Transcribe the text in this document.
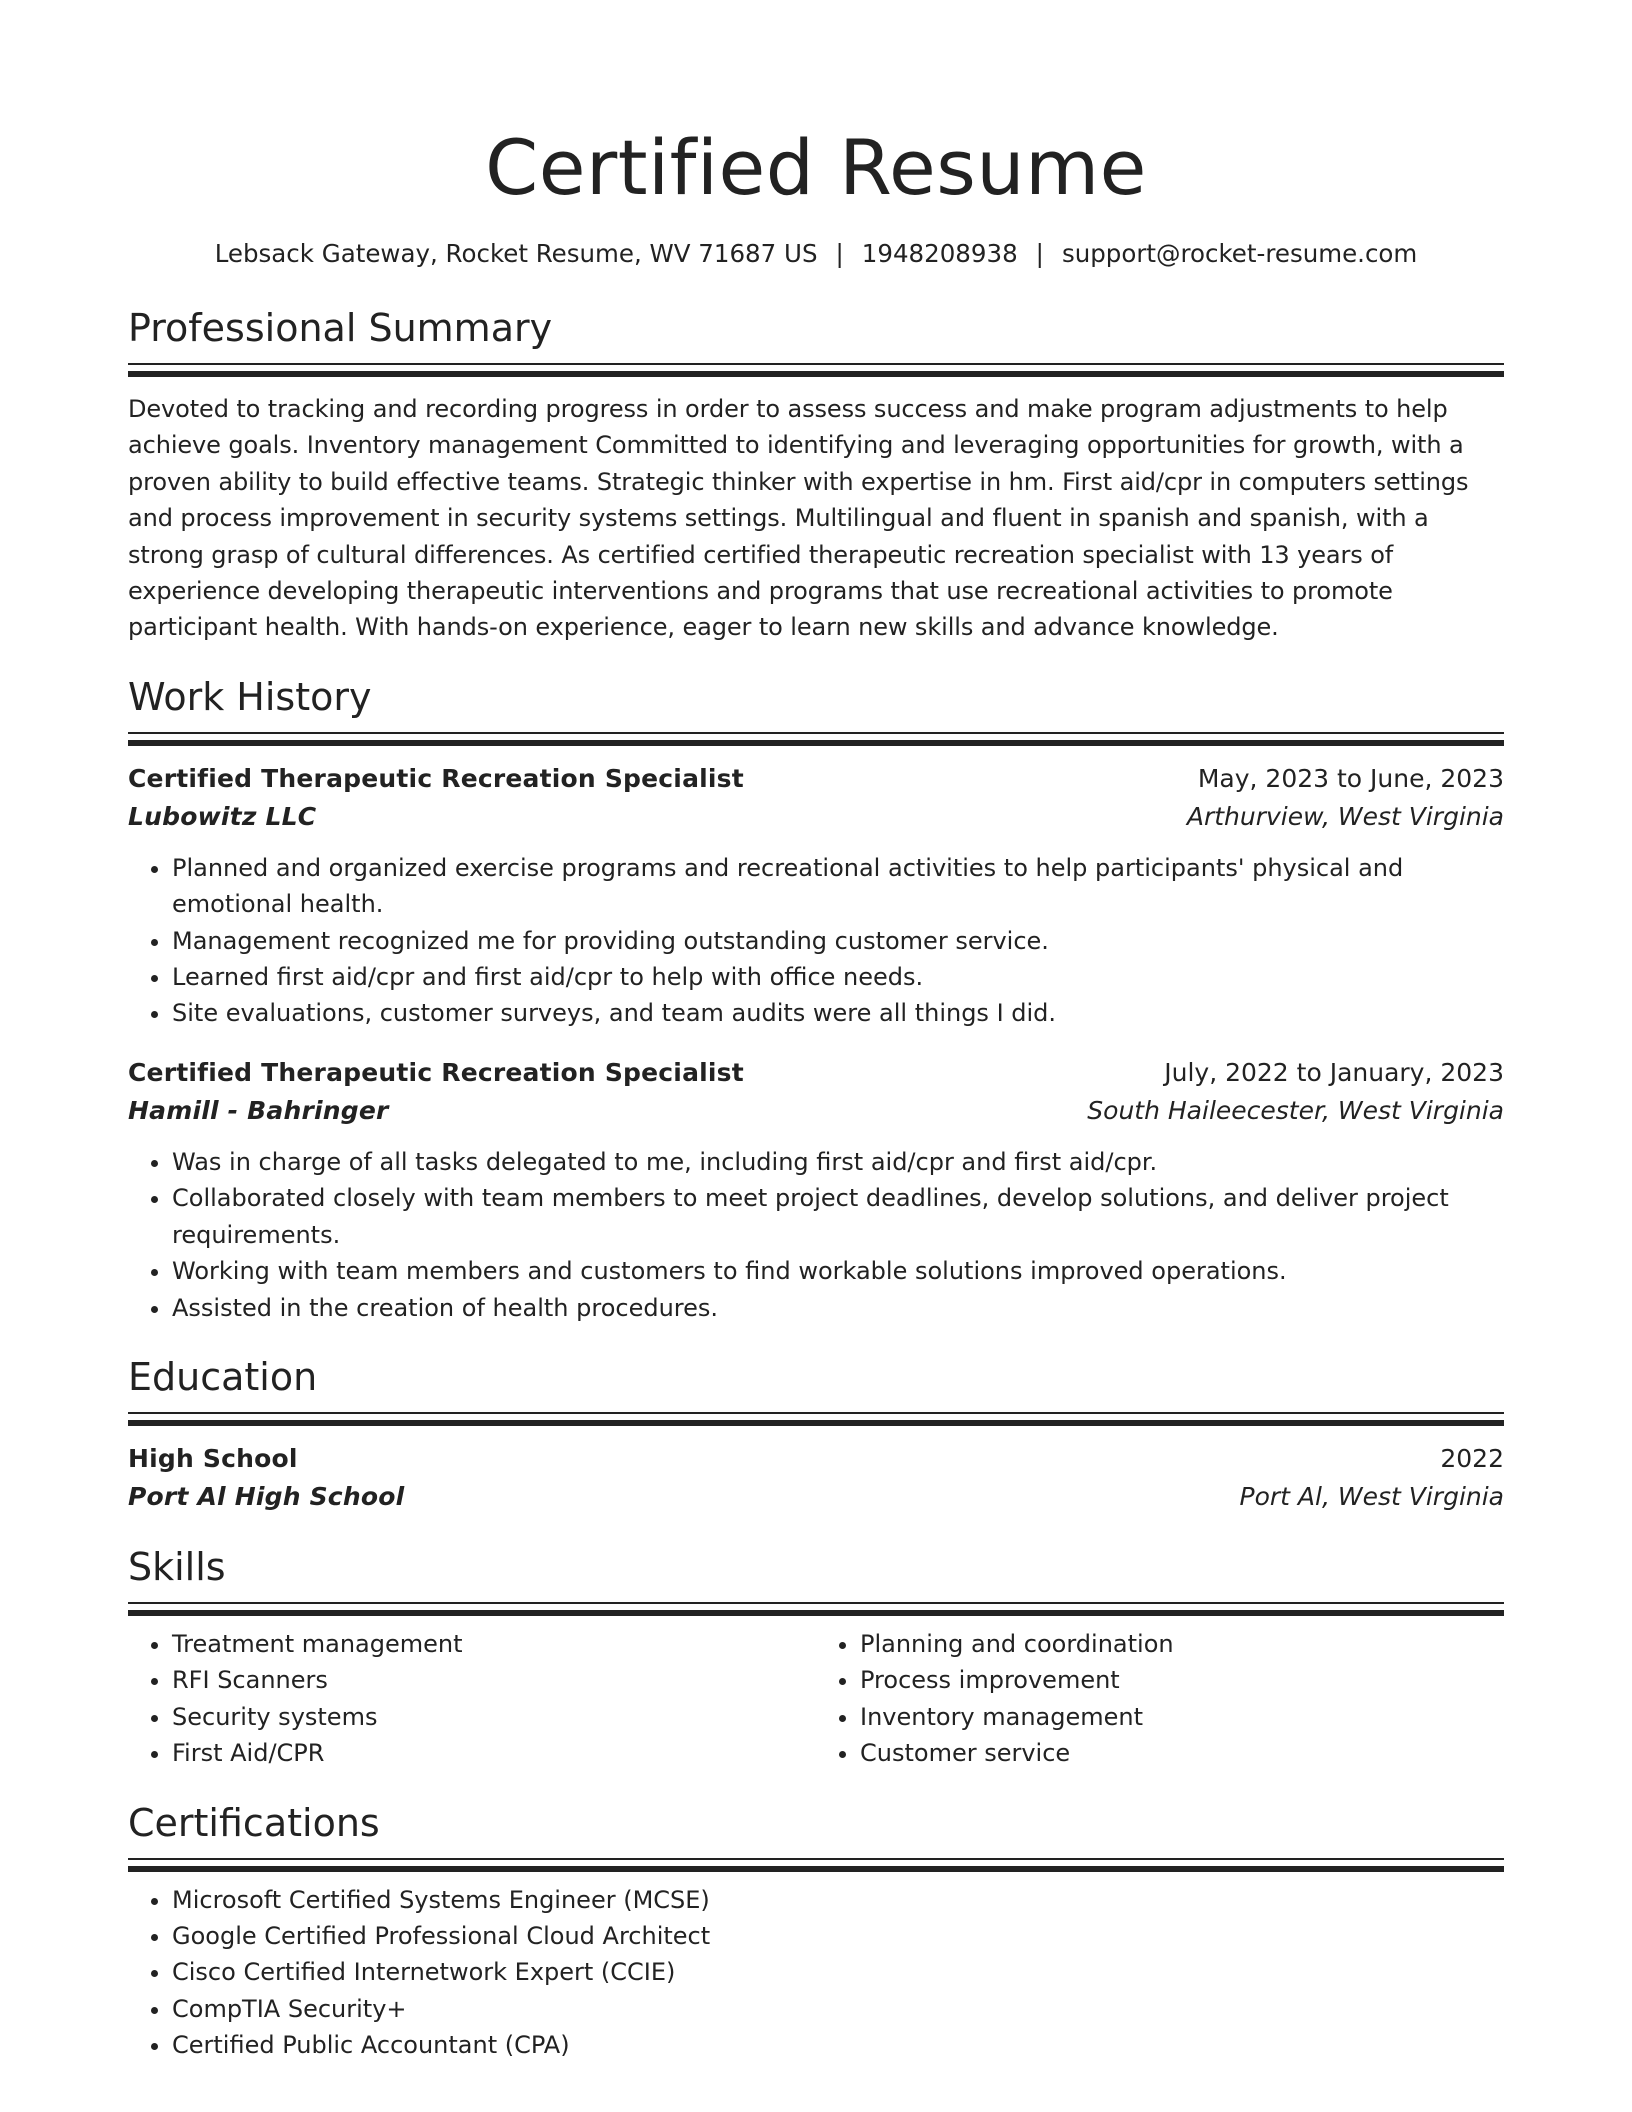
Certified Resume
Lebsack Gateway, Rocket Resume, WV 71687 US | 1948208938 | support@rocket-resume.com
Professional Summary
Devoted to tracking and recording progress in order to assess success and make program adjustments to help achieve goals. Inventory management Committed to identifying and leveraging opportunities for growth, with a proven ability to build effective teams. Strategic thinker with expertise in hm. First aid/cpr in computers settings and process improvement in security systems settings. Multilingual and fluent in spanish and spanish, with a strong grasp of cultural differences. As certified certified therapeutic recreation specialist with 13 years of experience developing therapeutic interventions and programs that use recreational activities to promote participant health. With hands-on experience, eager to learn new skills and advance knowledge.
Work History
Certified Therapeutic Recreation Specialist	May, 2023 to June, 2023
Lubowitz LLC	Arthurview, West Virginia
• Planned and organized exercise programs and recreational activities to help participants' physical and emotional health.
• Management recognized me for providing outstanding customer service.
• Learned first aid/cpr and first aid/cpr to help with office needs.
• Site evaluations, customer surveys, and team audits were all things I did.
Certified Therapeutic Recreation Specialist	July, 2022 to January, 2023
Hamill - Bahringer	South Haileecester, West Virginia
• Was in charge of all tasks delegated to me, including first aid/cpr and first aid/cpr.
• Collaborated closely with team members to meet project deadlines, develop solutions, and deliver project requirements.
• Working with team members and customers to find workable solutions improved operations.
• Assisted in the creation of health procedures.
Education
High School	2022
Port Al High School	Port Al, West Virginia
Skills
• Treatment management
• RFI Scanners
• Security systems
• First Aid/CPR
• Planning and coordination
• Process improvement
• Inventory management
• Customer service
Certifications
• Microsoft Certified Systems Engineer (MCSE)
• Google Certified Professional Cloud Architect
• Cisco Certified Internetwork Expert (CCIE)
• CompTIA Security+
• Certified Public Accountant (CPA)
